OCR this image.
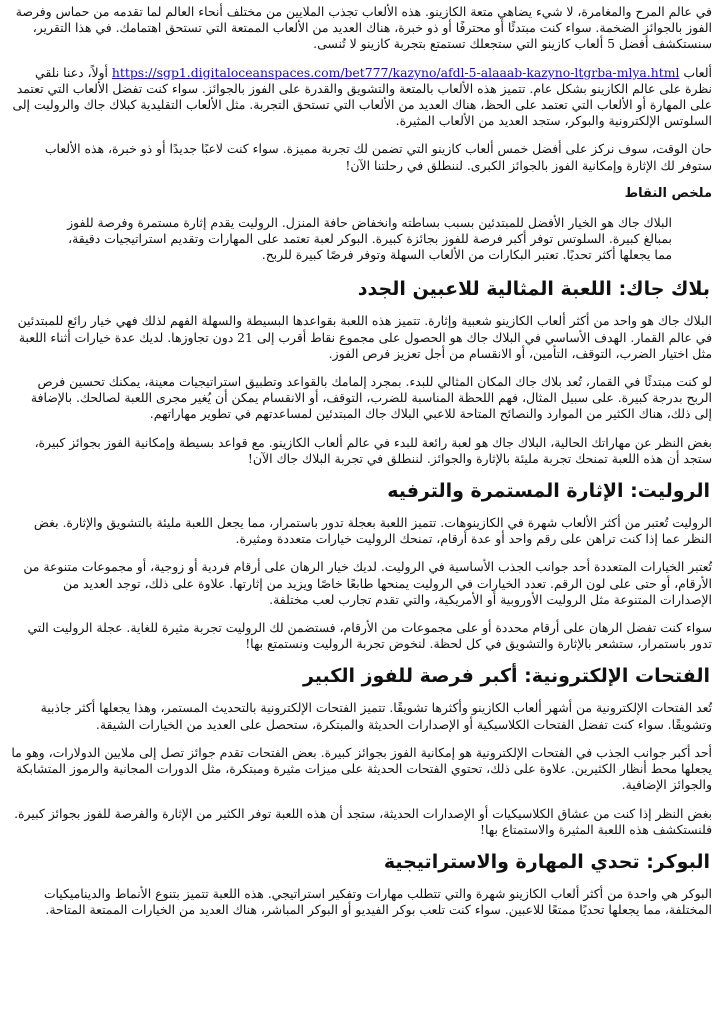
في عالم المرح والمغامرة، لا شيء يضاهي متعة الكازينو. هذه الألعاب تجذب الملايين من مختلف أنحاء العالم لما تقدمه من حماس وفرصة الفوز بالجوائز الضخمة. سواء كنت مبتدئًا أو محترفًا أو ذو خبرة، هناك العديد من الألعاب الممتعة التي تستحق اهتمامك. في هذا التقرير، سنستكشف أفضل 5 ألعاب كازينو التي ستجعلك تستمتع بتجربة كازينو لا تُنسى.

ألعاب https://sgp1.digitaloceanspaces.com/bet777/kazyno/afdl-5-alaaab-kazyno-ltgrba-mlya.html أولاً، دعنا نلقي نظرة على عالم الكازينو بشكل عام. تتميز هذه الألعاب بالمتعة والتشويق والقدرة على الفوز بالجوائز. سواء كنت تفضل الألعاب التي تعتمد على المهارة أو الألعاب التي تعتمد على الحظ، هناك العديد من الألعاب التي تستحق التجربة. مثل الألعاب التقليدية كبلاك جاك والروليت إلى السلوتس الإلكترونية والبوكر، ستجد العديد من الألعاب المثيرة.

حان الوقت، سوف نركز على أفضل خمس ألعاب كازينو التي تضمن لك تجربة مميزة. سواء كنت لاعبًا جديدًا أو ذو خبرة، هذه الألعاب ستوفر لك الإثارة وإمكانية الفوز بالجوائز الكبرى. لننطلق في رحلتنا الآن!

ملخص النقاط

البلاك جاك هو الخيار الأفضل للمبتدئين بسبب بساطته وانخفاض حافة المنزل. الروليت يقدم إثارة مستمرة وفرصة للفوز بمبالغ كبيرة. السلوتس توفر أكبر فرصة للفوز بجائزة كبيرة. البوكر لعبة تعتمد على المهارات وتقديم استراتيجيات دقيقة، مما يجعلها أكثر تحديًا. تعتبر البكارات من الألعاب السهلة وتوفر فرصًا كبيرة للربح.

بلاك جاك: اللعبة المثالية للاعبين الجدد

البلاك جاك هو واحد من أكثر ألعاب الكازينو شعبية وإثارة. تتميز هذه اللعبة بقواعدها البسيطة والسهلة الفهم لذلك فهي خيار رائع للمبتدئين في عالم القمار. الهدف الأساسي في البلاك جاك هو الحصول على مجموع نقاط أقرب إلى 21 دون تجاوزها. لديك عدة خيارات أثناء اللعبة مثل اختيار الضرب، التوقف، التأمين، أو الانقسام من أجل تعزيز فرص الفوز.

لو كنت مبتدئًا في القمار، تُعد بلاك جاك المكان المثالي للبدء. بمجرد إلمامك بالقواعد وتطبيق استراتيجيات معينة، يمكنك تحسين فرص الربح بدرجة كبيرة. على سبيل المثال، فهم اللحظة المناسبة للضرب، التوقف، أو الانقسام يمكن أن يُغير مجرى اللعبة لصالحك. بالإضافة إلى ذلك، هناك الكثير من الموارد والنصائح المتاحة للاعبي البلاك جاك المبتدئين لمساعدتهم في تطوير مهاراتهم.

بغض النظر عن مهاراتك الحالية، البلاك جاك هو لعبة رائعة للبدء في عالم ألعاب الكازينو. مع قواعد بسيطة وإمكانية الفوز بجوائز كبيرة، ستجد أن هذه اللعبة تمنحك تجربة مليئة بالإثارة والجوائز. لننطلق في تجربة البلاك جاك الآن!

الروليت: الإثارة المستمرة والترفيه

الروليت تُعتبر من أكثر الألعاب شهرة في الكازينوهات. تتميز اللعبة بعجلة تدور باستمرار، مما يجعل اللعبة مليئة بالتشويق والإثارة. بغض النظر عما إذا كنت تراهن على رقم واحد أو عدة أرقام، تمنحك الروليت خيارات متعددة ومثيرة.

تُعتبر الخيارات المتعددة أحد جوانب الجذب الأساسية في الروليت. لديك خيار الرهان على أرقام فردية أو زوجية، أو مجموعات متنوعة من الأرقام، أو حتى على لون الرقم. تعدد الخيارات في الروليت يمنحها طابعًا خاصًا ويزيد من إثارتها. علاوة على ذلك، توجد العديد من الإصدارات المتنوعة مثل الروليت الأوروبية أو الأمريكية، والتي تقدم تجارب لعب مختلفة.

سواء كنت تفضل الرهان على أرقام محددة أو على مجموعات من الأرقام، فستضمن لك الروليت تجربة مثيرة للغاية. عجلة الروليت التي تدور باستمرار، ستشعر بالإثارة والتشويق في كل لحظة. لنخوض تجربة الروليت ونستمتع بها!

الفتحات الإلكترونية: أكبر فرصة للفوز الكبير

تُعد الفتحات الإلكترونية من أشهر ألعاب الكازينو وأكثرها تشويقًا. تتميز الفتحات الإلكترونية بالتحديث المستمر، وهذا يجعلها أكثر جاذبية وتشويقًا. سواء كنت تفضل الفتحات الكلاسيكية أو الإصدارات الحديثة والمبتكرة، ستحصل على العديد من الخيارات الشيقة.

أحد أكبر جوانب الجذب في الفتحات الإلكترونية هو إمكانية الفوز بجوائز كبيرة. بعض الفتحات تقدم جوائز تصل إلى ملايين الدولارات، وهو ما يجعلها محط أنظار الكثيرين. علاوة على ذلك، تحتوي الفتحات الحديثة على ميزات مثيرة ومبتكرة، مثل الدورات المجانية والرموز المتشابكة والجوائز الإضافية.

بغض النظر إذا كنت من عشاق الكلاسيكيات أو الإصدارات الحديثة، ستجد أن هذه اللعبة توفر الكثير من الإثارة والفرصة للفوز بجوائز كبيرة. فلنستكشف هذه اللعبة المثيرة والاستمتاع بها!

البوكر: تحدي المهارة والاستراتيجية

البوكر هي واحدة من أكثر ألعاب الكازينو شهرة والتي تتطلب مهارات وتفكير استراتيجي. هذه اللعبة تتميز بتنوع الأنماط والديناميكيات المختلفة، مما يجعلها تحديًا ممتعًا للاعبين. سواء كنت تلعب بوكر الفيديو أو البوكر المباشر، هناك العديد من الخيارات الممتعة المتاحة.
